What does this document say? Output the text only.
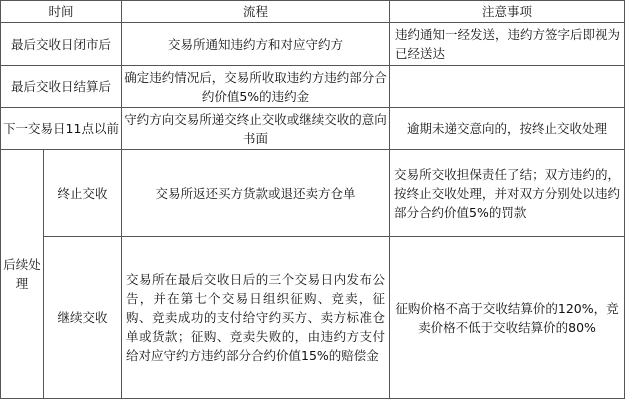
时间		流程	注意事项
最后交收日闭市后		交易所通知违约方和对应守约方	违约通知一经发送，违约方签字后即视为已经送达
最后交收日结算后		确定违约情况后，交易所收取违约方违约部分合约价值5%的违约金	
下一交易日11点以前		守约方向交易所递交终止交收或继续交收的意向书面	逾期未递交意向的，按终止交收处理
后续处理	终止交收	交易所返还买方货款或退还卖方仓单	交易所交收担保责任了结；双方违约的，按终止交收处理，并对双方分别处以违约部分合约价值5%的罚款
	继续交收	交易所在最后交收日后的三个交易日内发布公告，并在第七个交易日组织征购、竞卖，征购、竞卖成功的支付给守约买方、卖方标准仓单或货款；征购、竞卖失败的，由违约方支付给对应守约方违约部分合约价值15%的赔偿金	征购价格不高于交收结算价的120%，竞卖价格不低于交收结算价的80%
